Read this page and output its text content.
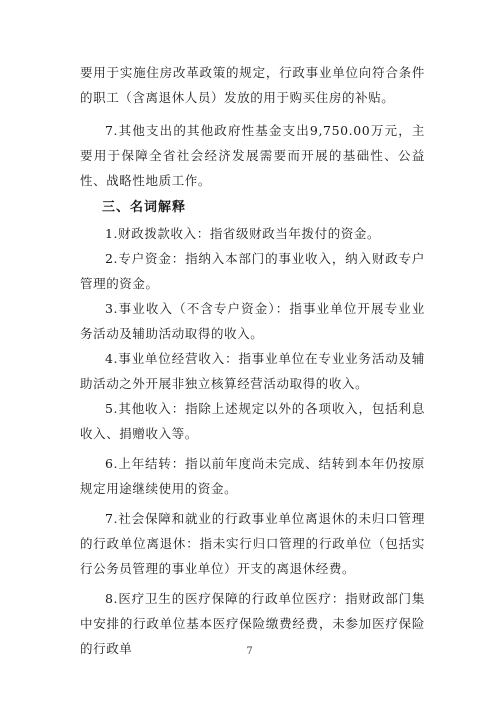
要用于实施住房改革政策的规定，行政事业单位向符合条件的职工（含离退休人员）发放的用于购买住房的补贴。
7.其他支出的其他政府性基金支出9,750.00万元，主要用于保障全省社会经济发展需要而开展的基础性、公益性、战略性地质工作。
三、名词解释
1.财政拨款收入：指省级财政当年拨付的资金。
2.专户资金：指纳入本部门的事业收入，纳入财政专户管理的资金。
3.事业收入（不含专户资金）：指事业单位开展专业业务活动及辅助活动取得的收入。
4.事业单位经营收入：指事业单位在专业业务活动及辅助活动之外开展非独立核算经营活动取得的收入。
5.其他收入：指除上述规定以外的各项收入，包括利息收入、捐赠收入等。
6.上年结转：指以前年度尚未完成、结转到本年仍按原规定用途继续使用的资金。
7.社会保障和就业的行政事业单位离退休的未归口管理的行政单位离退休：指未实行归口管理的行政单位（包括实行公务员管理的事业单位）开支的离退休经费。
8.医疗卫生的医疗保障的行政单位医疗：指财政部门集中安排的行政单位基本医疗保险缴费经费，未参加医疗保险的行政单	7
